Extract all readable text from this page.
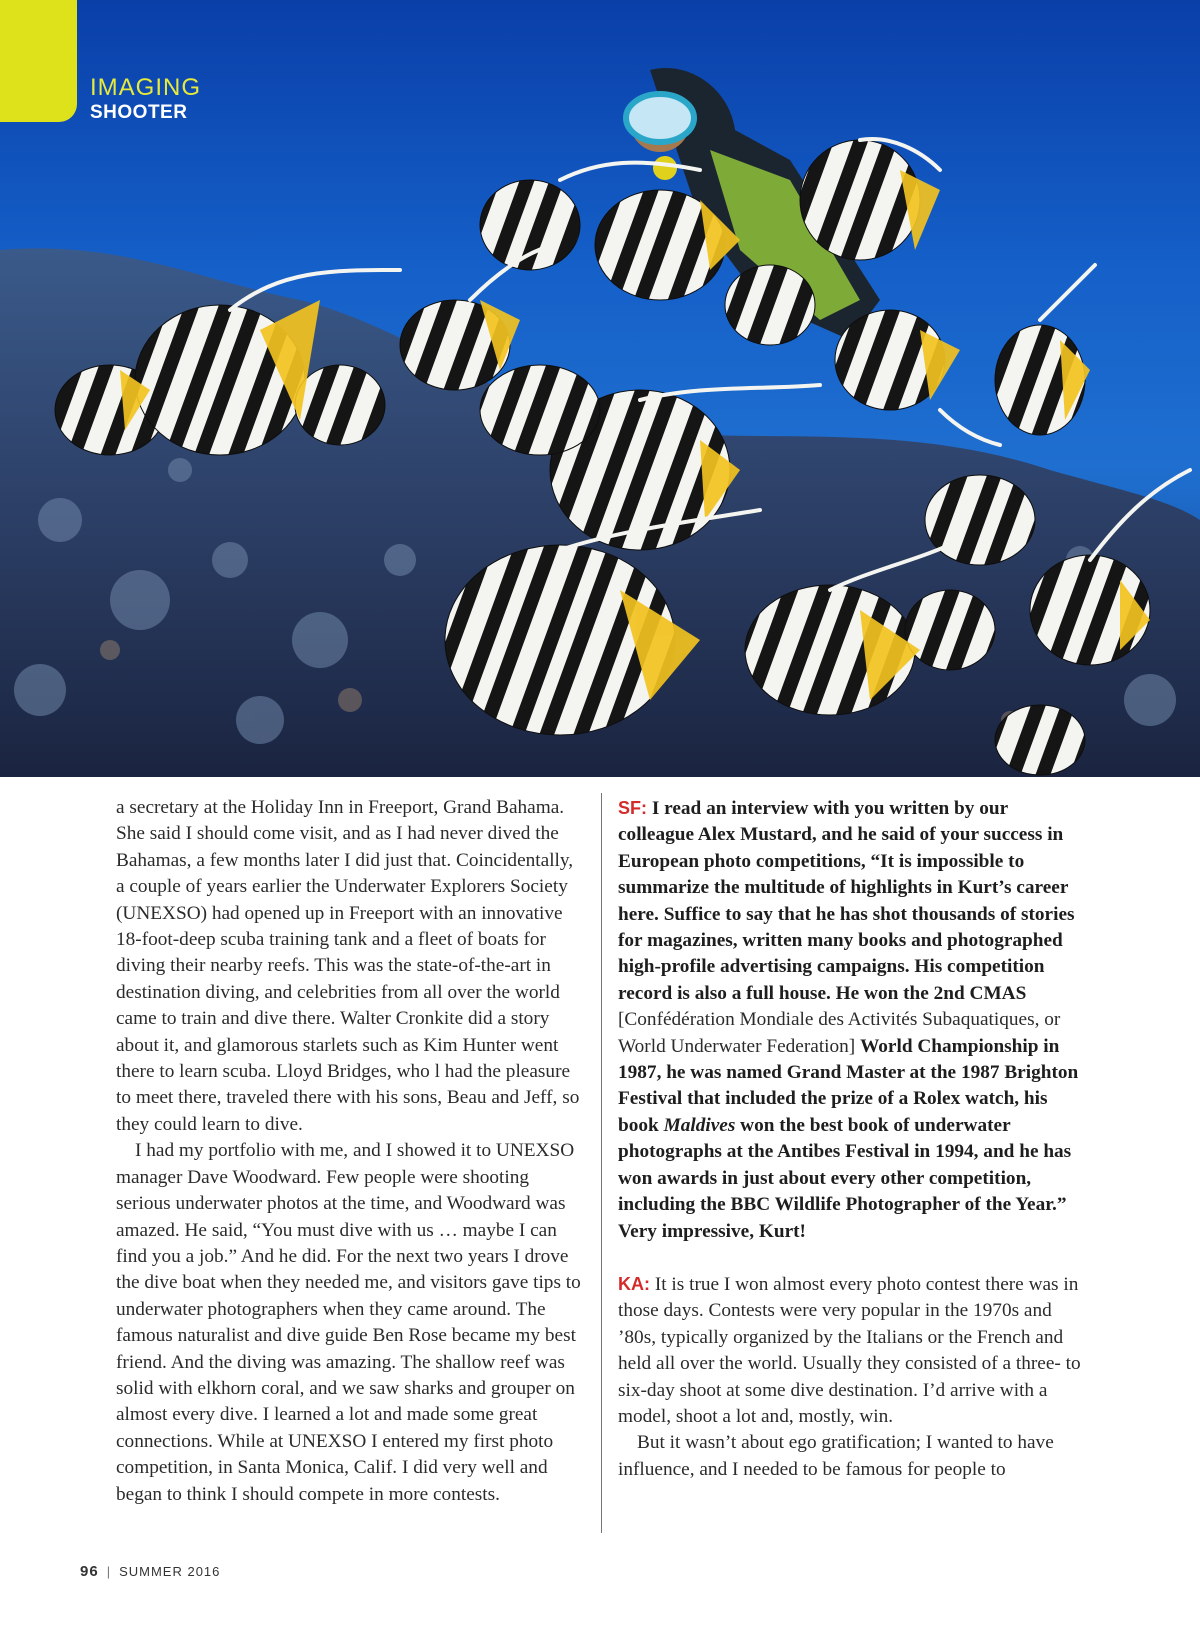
IMAGING
SHOOTER

a secretary at the Holiday Inn in Freeport, Grand Bahama. She said I should come visit, and as I had never dived the Bahamas, a few months later I did just that. Coincidentally, a couple of years earlier the Underwater Explorers Society (UNEXSO) had opened up in Freeport with an innovative 18-foot-deep scuba training tank and a fleet of boats for diving their nearby reefs. This was the state-of-the-art in destination diving, and celebrities from all over the world came to train and dive there. Walter Cronkite did a story about it, and glamorous starlets such as Kim Hunter went there to learn scuba. Lloyd Bridges, who l had the pleasure to meet there, traveled there with his sons, Beau and Jeff, so they could learn to dive.

I had my portfolio with me, and I showed it to UNEXSO manager Dave Woodward. Few people were shooting serious underwater photos at the time, and Woodward was amazed. He said, “You must dive with us … maybe I can find you a job.” And he did. For the next two years I drove the dive boat when they needed me, and visitors gave tips to underwater photographers when they came around. The famous naturalist and dive guide Ben Rose became my best friend. And the diving was amazing. The shallow reef was solid with elkhorn coral, and we saw sharks and grouper on almost every dive. I learned a lot and made some great connections. While at UNEXSO I entered my first photo competition, in Santa Monica, Calif. I did very well and began to think I should compete in more contests.

SF: I read an interview with you written by our colleague Alex Mustard, and he said of your success in European photo competitions, “It is impossible to summarize the multitude of highlights in Kurt’s career here. Suffice to say that he has shot thousands of stories for magazines, written many books and photographed high-profile advertising campaigns. His competition record is also a full house. He won the 2nd CMAS [Confédération Mondiale des Activités Subaquatiques, or World Underwater Federation] World Championship in 1987, he was named Grand Master at the 1987 Brighton Festival that included the prize of a Rolex watch, his book Maldives won the best book of underwater photographs at the Antibes Festival in 1994, and he has won awards in just about every other competition, including the BBC Wildlife Photographer of the Year.” Very impressive, Kurt!

KA: It is true I won almost every photo contest there was in those days. Contests were very popular in the 1970s and ’80s, typically organized by the Italians or the French and held all over the world. Usually they consisted of a three- to six-day shoot at some dive destination. I’d arrive with a model, shoot a lot and, mostly, win.

But it wasn’t about ego gratification; I wanted to have influence, and I needed to be famous for people to

96 | SUMMER 2016
